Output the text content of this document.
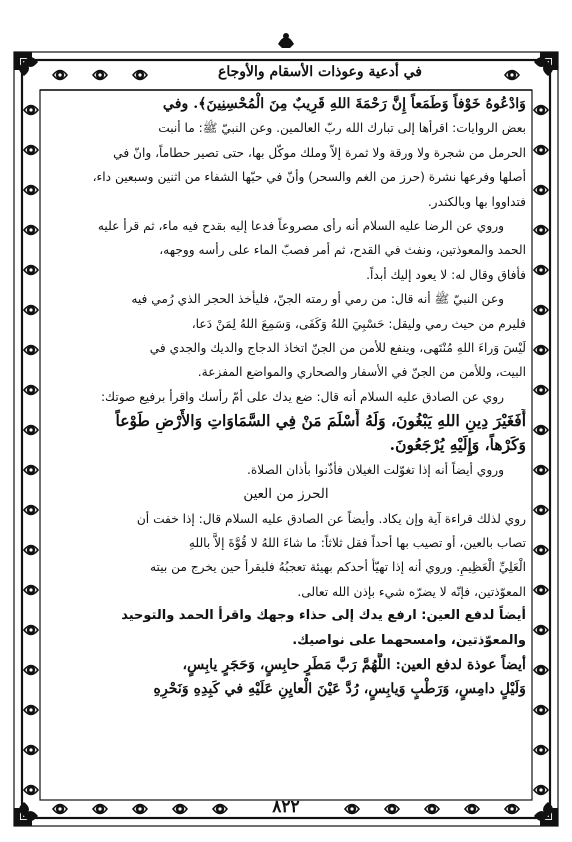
في أدعية وعوذات الأسقام والأوجاع
وَادْعُوهُ خَوْفاً وَطَمَعاً إِنَّ رَحْمَةَ اللهِ قَرِيبٌ مِنَ الْمُحْسِنِينَ﴾. وفي
بعض الروايات: اقرأها إلى تبارك الله ربّ العالمين. وعن النبيّ ﷺ: ما أنبت
الحرمل من شجرة ولا ورقة ولا ثمرة إلاّ وملك موكّل بها، حتى تصير حطاماً، وانّ في
أصلها وفرعها نشرة (حرز من الغم والسحر) وأنّ في حبّها الشفاء من اثنين وسبعين داء،
فتداووا بها وبالكندر.
وروي عن الرضا عليه السلام أنه رأى مصروعاً فدعا إليه بقدح فيه ماء، ثم قرأ عليه
الحمد والمعوذتين، ونفث في القدح، ثم أمر فصبّ الماء على رأسه ووجهه،
فأفاق وقال له: لا يعود إليك أبداً.
وعن النبيّ ﷺ أنه قال: من رمي أو رمته الجنّ، فليأخذ الحجر الذي رُمي فيه
فليرم من حيث رمي وليقل: حَسْبِيَ اللهُ وَكَفَى، وَسَمِعَ اللهُ لِمَنْ دَعا،
لَيْسَ وَراءَ اللهِ مُنْتَهى، وينفع للأمن من الجنّ اتخاذ الدجاج والديك والجدي في
البيت، وللأمن من الجنّ في الأسفار والصحاري والمواضع المفزعة.
روي عن الصادق عليه السلام أنه قال: ضع يدك على أمّ رأسك واقرأ برفيع صوتك:
أَفَغَيْرَ دِينِ اللهِ يَبْغُونَ، وَلَهُ أَسْلَمَ مَنْ فِي السَّمَاوَاتِ وَالأَرْضِ طَوْعاً
وَكَرْهاً، وَإِلَيْهِ يُرْجَعُونَ.
وروي أيضاً أنه إذا تغوّلت الغيلان فأذّنوا بأذان الصلاة.
الحرز من العين
روي لذلك قراءة آية وإن يكاد. وأيضاً عن الصادق عليه السلام قال: إذا خفت أن
تصاب بالعين، أو تصيب بها أحداً فقل ثلاثاً: ما شاءَ اللهُ لا قُوَّةَ إلاَّ باللهِ
الْعَلِيِّ الْعَظِيمِ. وروي أنه إذا تهيّأ أحدكم بهيئة تعجبُهُ فليقرأ حين يخرج من بيته
المعوّذتين، فإنّه لا يضرّه شيء بإذن الله تعالى.
أيضاً لدفع العين: ارفع يدك إلى حذاء وجهك واقرأ الحمد والتوحيد
والمعوّذتين، وامسحهما على نواصيك.
أيضاً عوذة لدفع العين: اللَّهُمَّ رَبَّ مَطَرٍ حابِسٍ، وَحَجَرٍ يابِسٍ،
وَلَيْلٍ دامِسٍ، وَرَطْبٍ وَيابِسٍ، رُدَّ عَيْنَ الْعايِنِ عَلَيْهِ في كَبِدِهِ وَنَحْرِهِ
٨٢٢
